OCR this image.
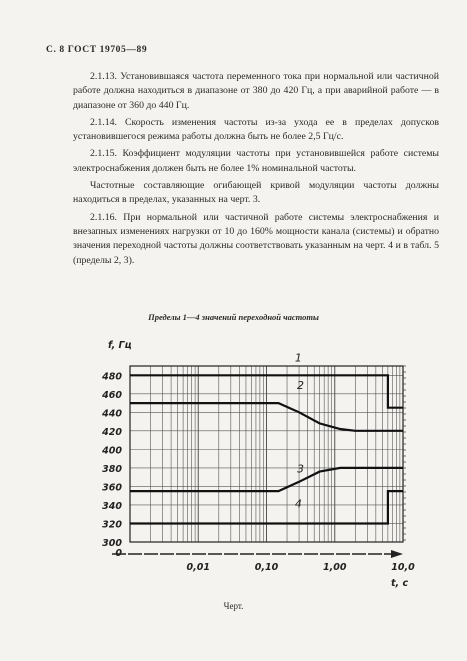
С. 8 ГОСТ 19705—89

2.1.13. Установившаяся частота переменного тока при нормальной или частичной работе должна находиться в диапазоне от 380 до 420 Гц, а при аварийной работе — в диапазоне от 360 до 440 Гц.

2.1.14. Скорость изменения частоты из-за ухода ее в пределах допусков установившегося режима работы должна быть не более 2,5 Гц/с.

2.1.15. Коэффициент модуляции частоты при установившейся работе системы электроснабжения должен быть не более 1% номинальной частоты.

Частотные составляющие огибающей кривой модуляции частоты должны находиться в пределах, указанных на черт. 3.

2.1.16. При нормальной или частичной работе системы электроснабжения и внезапных изменениях нагрузки от 10 до 160% мощности канала (системы) и обратно значения переходной частоты должны соответствовать указанным на черт. 4 и в табл. 5 (пределы 2, 3).

Пределы 1—4 значений переходной частоты
480
460
440
420
400
380
360
340
320
300
0
f, Гц
0,01	0,10	1,00	10,0
t, c
1
2
3
4
Черт.
